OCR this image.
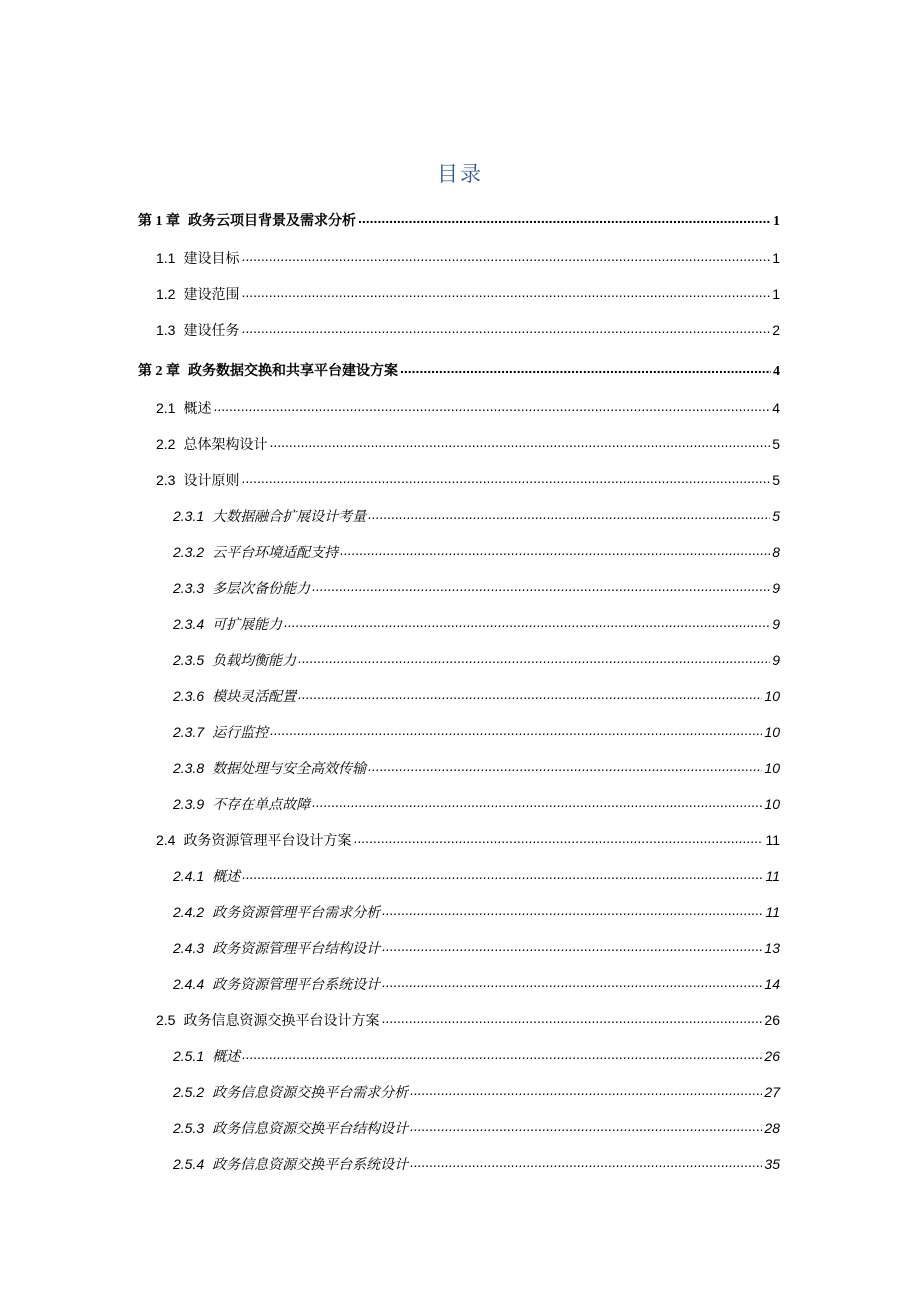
目录
第 1 章 政务云项目背景及需求分析 .....	1
1.1 建设目标 .....	1
1.2 建设范围 .....	1
1.3 建设任务 .....	2
第 2 章 政务数据交换和共享平台建设方案 .....	4
2.1 概述 .....	4
2.2 总体架构设计 .....	5
2.3 设计原则 .....	5
2.3.1 大数据融合扩展设计考量 .....	5
2.3.2 云平台环境适配支持 .....	8
2.3.3 多层次备份能力 .....	9
2.3.4 可扩展能力 .....	9
2.3.5 负载均衡能力 .....	9
2.3.6 模块灵活配置 .....	10
2.3.7 运行监控 .....	10
2.3.8 数据处理与安全高效传输 .....	10
2.3.9 不存在单点故障 .....	10
2.4 政务资源管理平台设计方案 .....	11
2.4.1 概述 .....	11
2.4.2 政务资源管理平台需求分析 .....	11
2.4.3 政务资源管理平台结构设计 .....	13
2.4.4 政务资源管理平台系统设计 .....	14
2.5 政务信息资源交换平台设计方案 .....	26
2.5.1 概述 .....	26
2.5.2 政务信息资源交换平台需求分析 .....	27
2.5.3 政务信息资源交换平台结构设计 .....	28
2.5.4 政务信息资源交换平台系统设计 .....	35
